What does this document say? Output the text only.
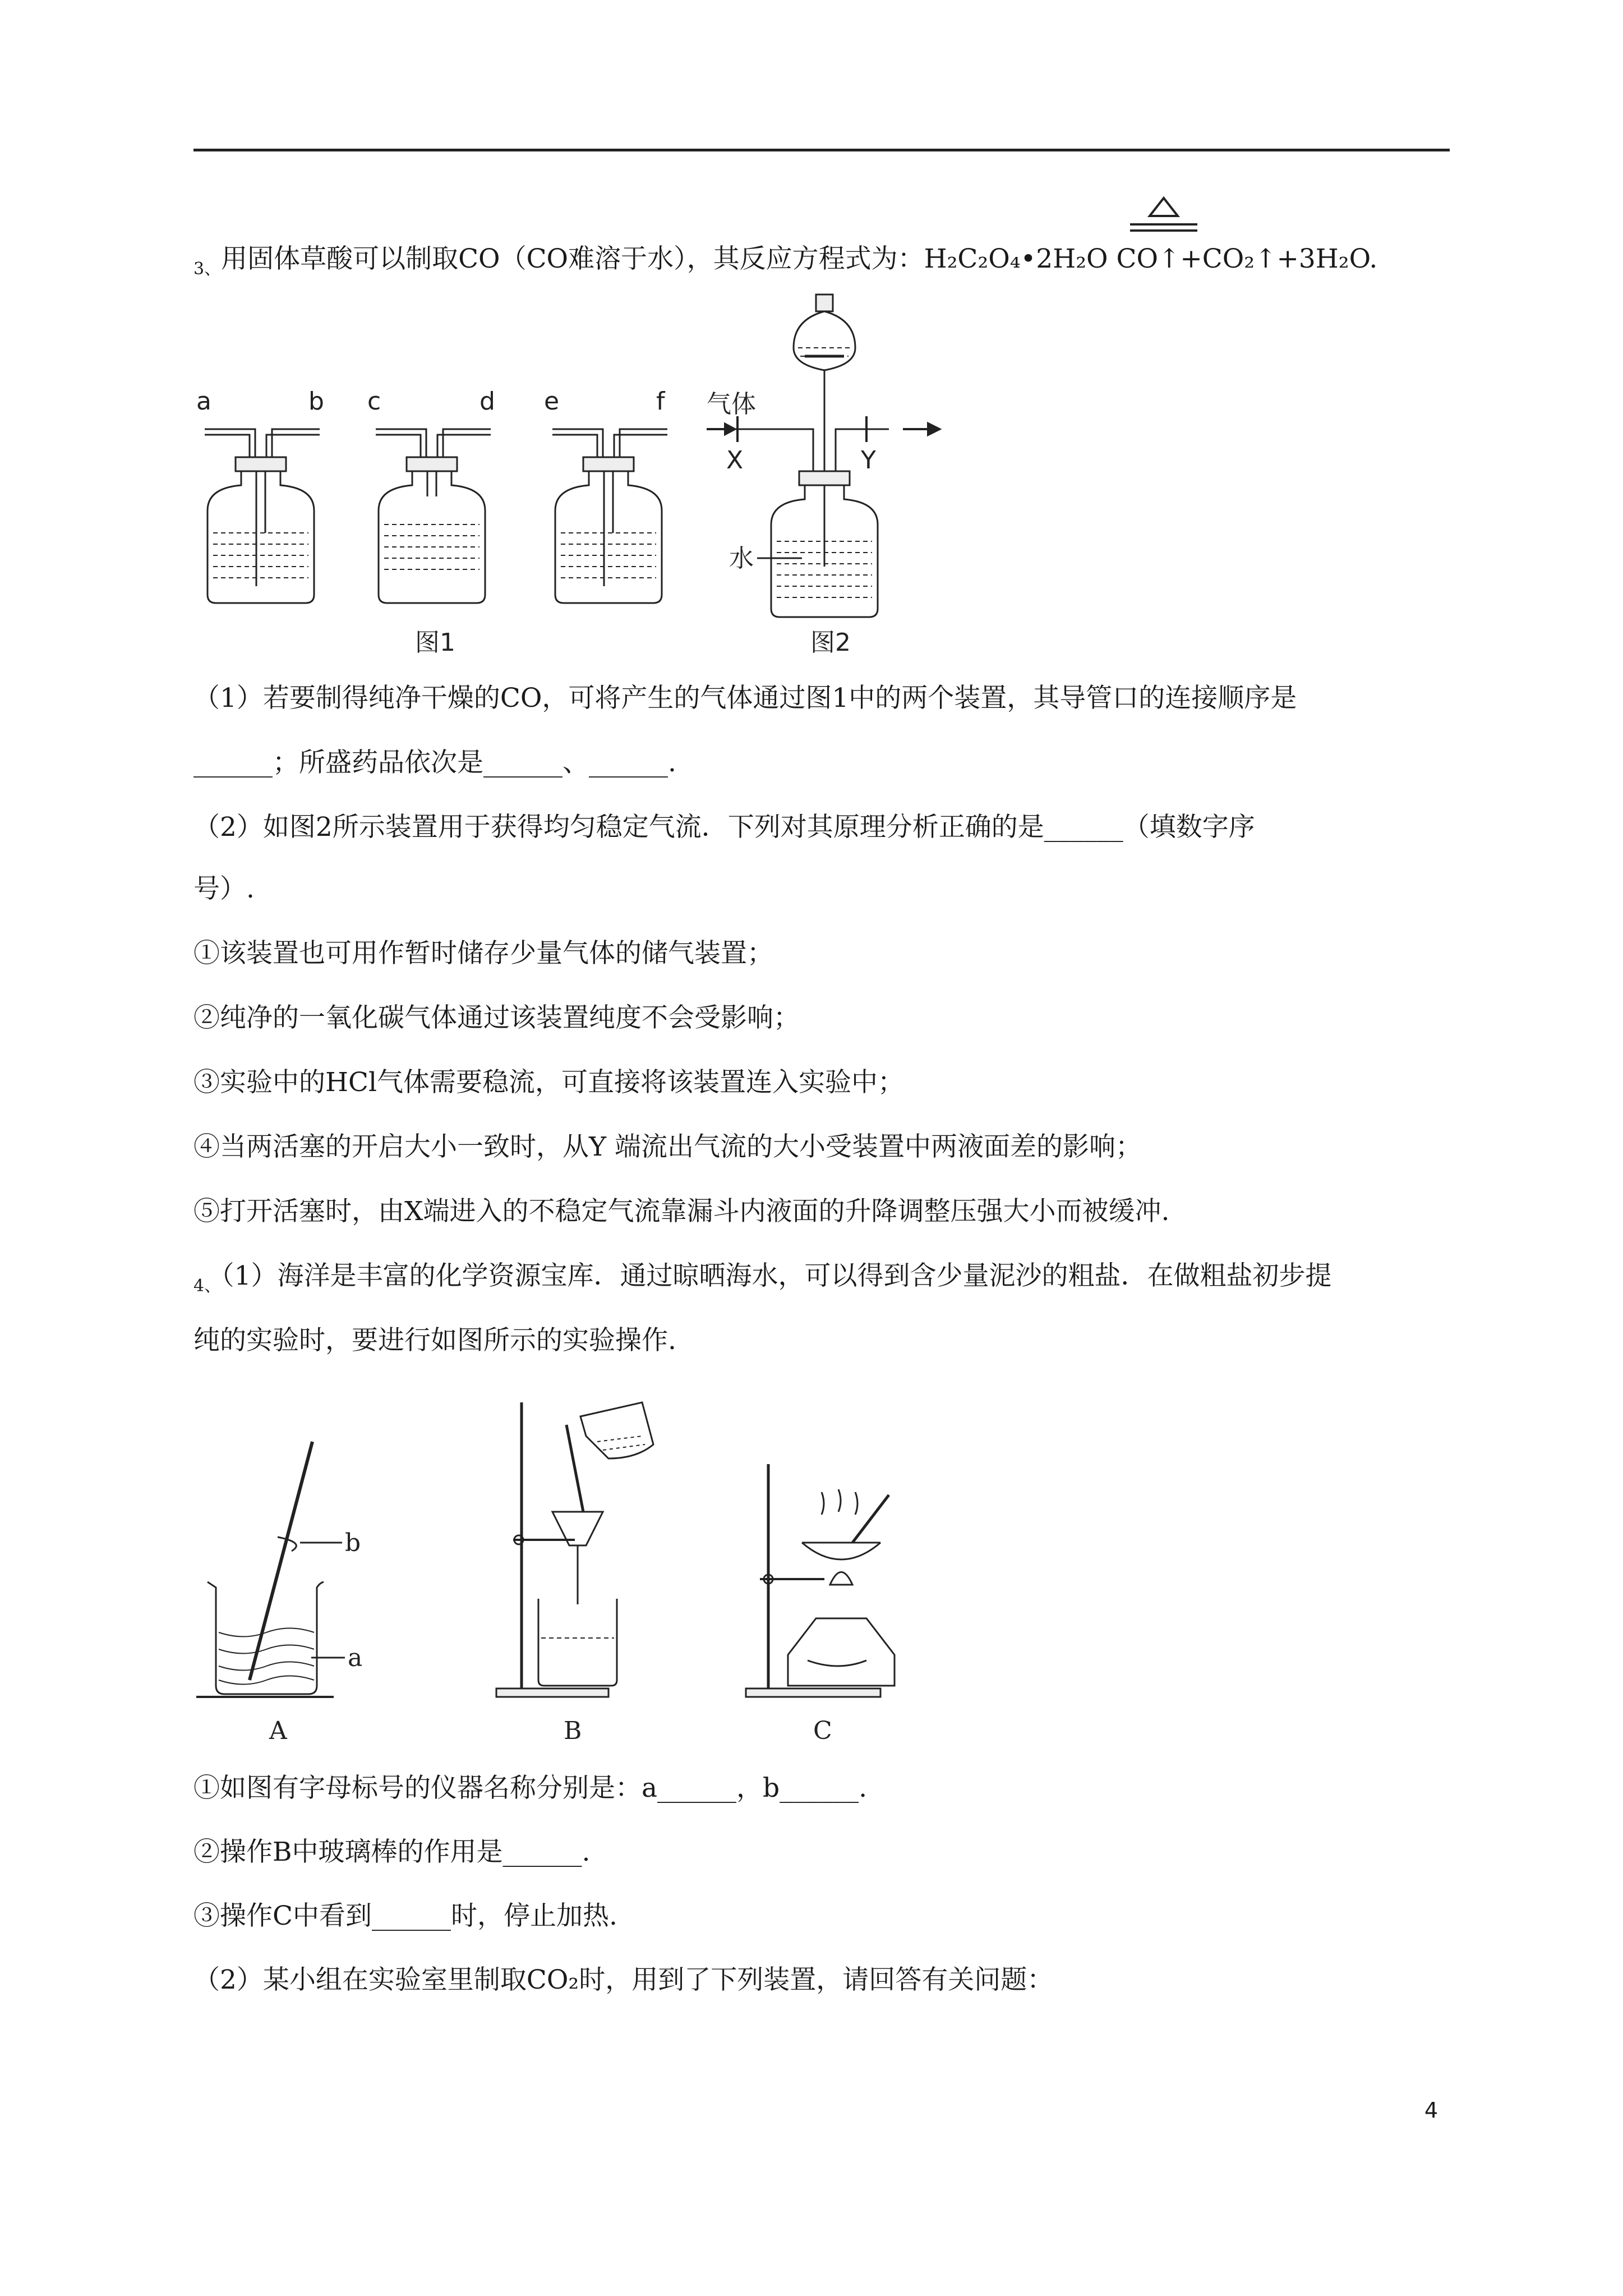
$_{3、}$用固体草酸可以制取CO（CO难溶于水），其反应方程式为：H₂C₂O₄•2H₂O CO↑+CO₂↑+3H₂O.
a	b c	d e	f
图1
气体
X	Y
水
图2
（1）若要制得纯净干燥的CO，可将产生的气体通过图1中的两个装置，其导管口的连接顺序是
______；所盛药品依次是______、______.
（2）如图2所示装置用于获得均匀稳定气流．下列对其原理分析正确的是______（填数字序
号）.
①该装置也可用作暂时储存少量气体的储气装置；
②纯净的一氧化碳气体通过该装置纯度不会受影响；
③实验中的HCl气体需要稳流，可直接将该装置连入实验中；
④当两活塞的开启大小一致时，从Y 端流出气流的大小受装置中两液面差的影响；
⑤打开活塞时，由X端进入的不稳定气流靠漏斗内液面的升降调整压强大小而被缓冲.
$_{4、}$（1）海洋是丰富的化学资源宝库．通过晾晒海水，可以得到含少量泥沙的粗盐．在做粗盐初步提
纯的实验时，要进行如图所示的实验操作.
b
a
A	B	C
①如图有字母标号的仪器名称分别是：a______，b______.
②操作B中玻璃棒的作用是______.
③操作C中看到______时，停止加热.
（2）某小组在实验室里制取CO₂时，用到了下列装置，请回答有关问题：
4
